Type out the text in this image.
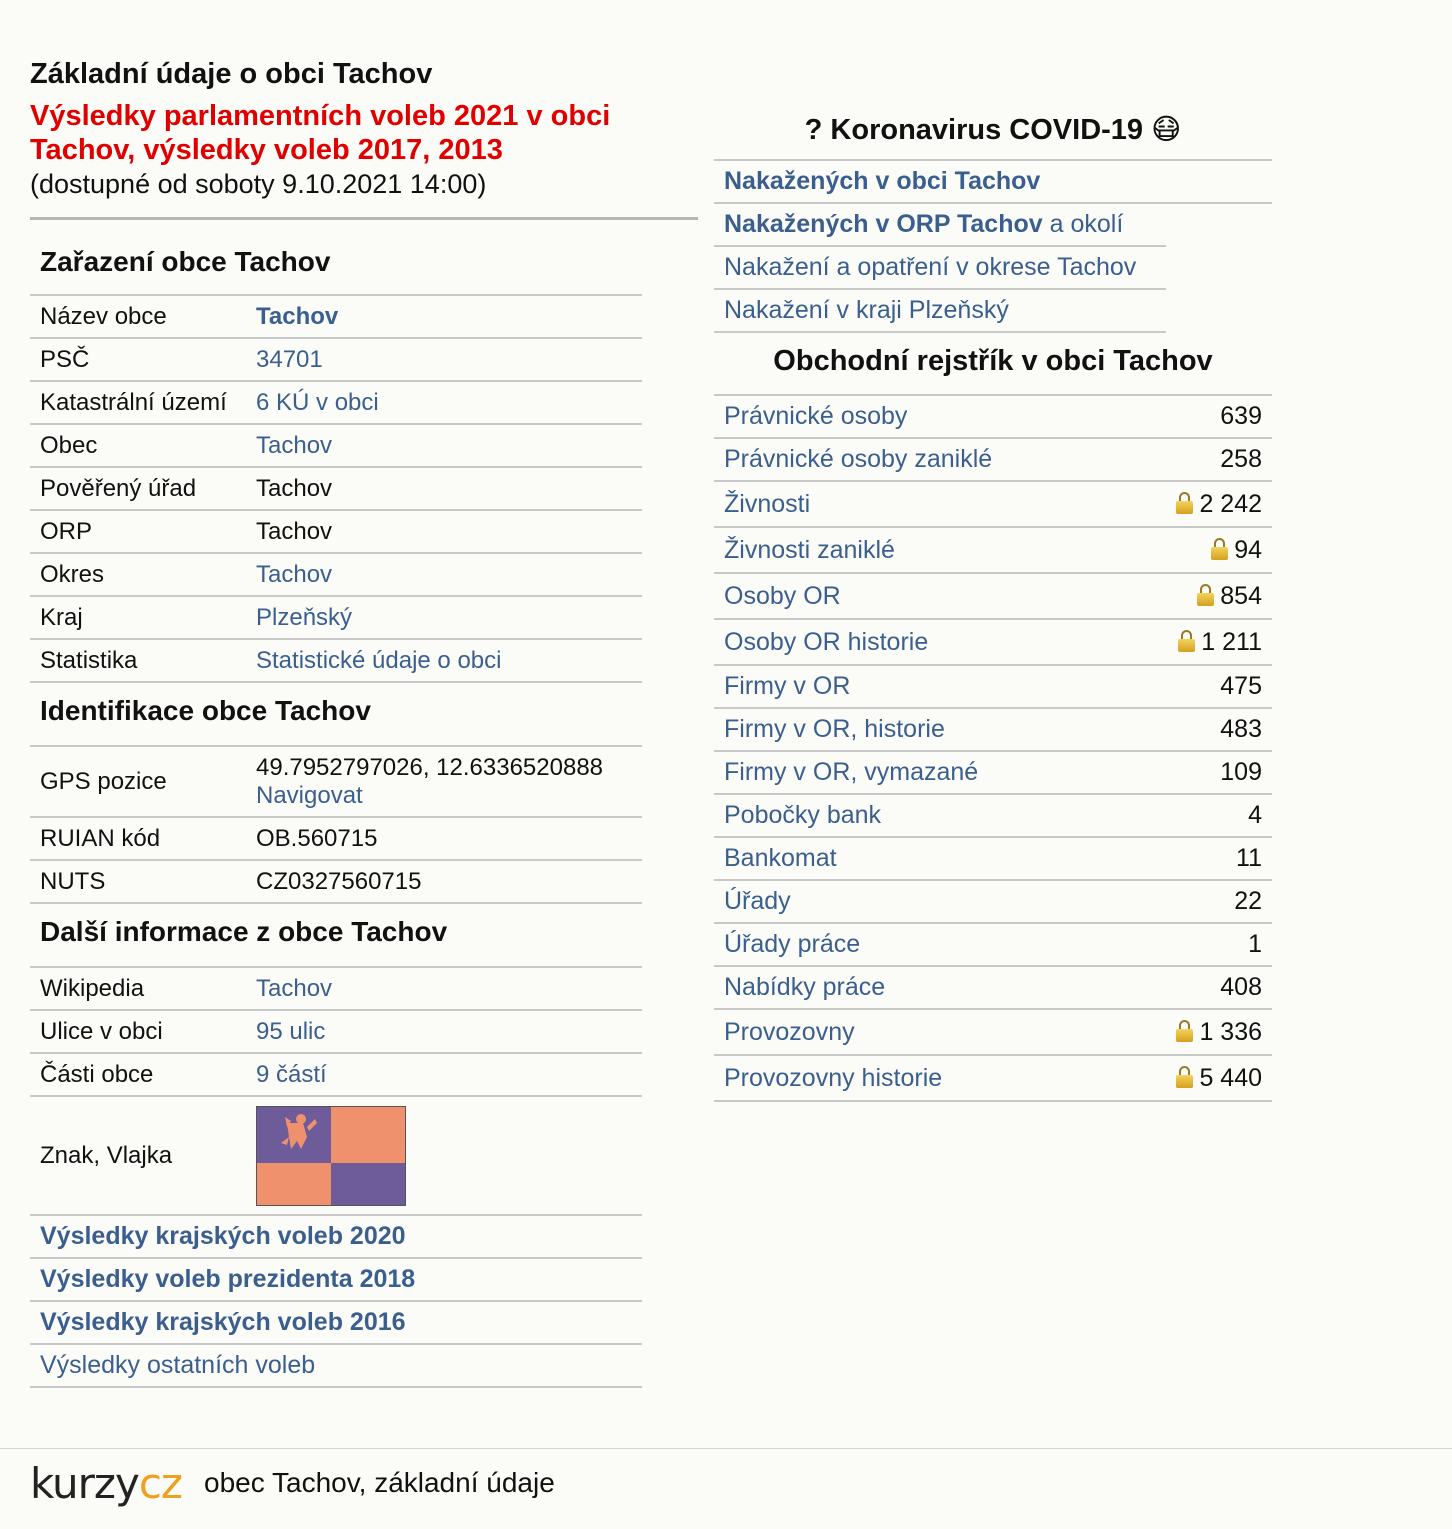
Základní údaje o obci Tachov
Výsledky parlamentních voleb 2021 v obci Tachov, výsledky voleb 2017, 2013
(dostupné od soboty 9.10.2021 14:00)
Zařazení obce Tachov
Název obce	Tachov
PSČ	34701
Katastrální území	6 KÚ v obci
Obec	Tachov
Pověřený úřad	Tachov
ORP	Tachov
Okres	Tachov
Kraj	Plzeňský
Statistika	Statistické údaje o obci
Identifikace obce Tachov
GPS pozice	49.7952797026, 12.6336520888
Navigovat
RUIAN kód	OB.560715
NUTS	CZ0327560715
Další informace z obce Tachov
Wikipedia	Tachov
Ulice v obci	95 ulic
Části obce	9 částí
Znak, Vlajka	
Výsledky krajských voleb 2020
Výsledky voleb prezidenta 2018
Výsledky krajských voleb 2016
Výsledky ostatních voleb
? Koronavirus COVID-19 😷
Nakažených v obci Tachov
Nakažených v ORP Tachov a okolí
Nakažení a opatření v okrese Tachov
Nakažení v kraji Plzeňský
Obchodní rejstřík v obci Tachov
Právnické osoby	639
Právnické osoby zaniklé	258
Živnosti	2 242
Živnosti zaniklé	94
Osoby OR	854
Osoby OR historie	1 211
Firmy v OR	475
Firmy v OR, historie	483
Firmy v OR, vymazané	109
Pobočky bank	4
Bankomat	11
Úřady	22
Úřady práce	1
Nabídky práce	408
Provozovny	1 336
Provozovny historie	5 440
kurzycz obec Tachov, základní údaje
